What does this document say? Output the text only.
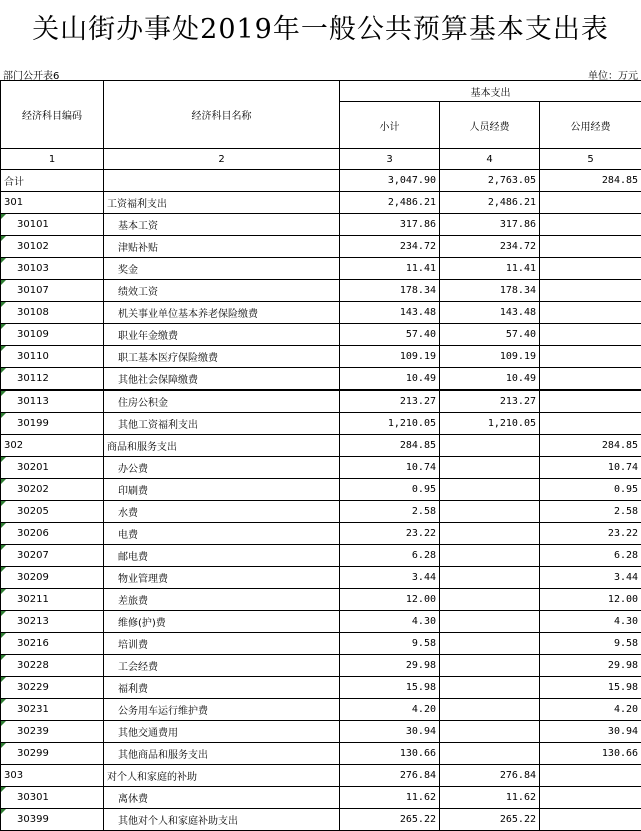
关山街办事处2019年一般公共预算基本支出表
部门公开表6	单位：万元
经济科目编码	经济科目名称	基本支出		
		小计	人员经费	公用经费
1	2	3	4	5
合计		3,047.90	2,763.05	284.85
301	工资福利支出	2,486.21	2,486.21	
30101	基本工资	317.86	317.86	
30102	津贴补贴	234.72	234.72	
30103	奖金	11.41	11.41	
30107	绩效工资	178.34	178.34	
30108	机关事业单位基本养老保险缴费	143.48	143.48	
30109	职业年金缴费	57.40	57.40	
30110	职工基本医疗保险缴费	109.19	109.19	
30112	其他社会保障缴费	10.49	10.49	
30113	住房公积金	213.27	213.27	
30199	其他工资福利支出	1,210.05	1,210.05	
302	商品和服务支出	284.85		284.85
30201	办公费	10.74		10.74
30202	印刷费	0.95		0.95
30205	水费	2.58		2.58
30206	电费	23.22		23.22
30207	邮电费	6.28		6.28
30209	物业管理费	3.44		3.44
30211	差旅费	12.00		12.00
30213	维修(护)费	4.30		4.30
30216	培训费	9.58		9.58
30228	工会经费	29.98		29.98
30229	福利费	15.98		15.98
30231	公务用车运行维护费	4.20		4.20
30239	其他交通费用	30.94		30.94
30299	其他商品和服务支出	130.66		130.66
303	对个人和家庭的补助	276.84	276.84	
30301	离休费	11.62	11.62	
30399	其他对个人和家庭补助支出	265.22	265.22	
